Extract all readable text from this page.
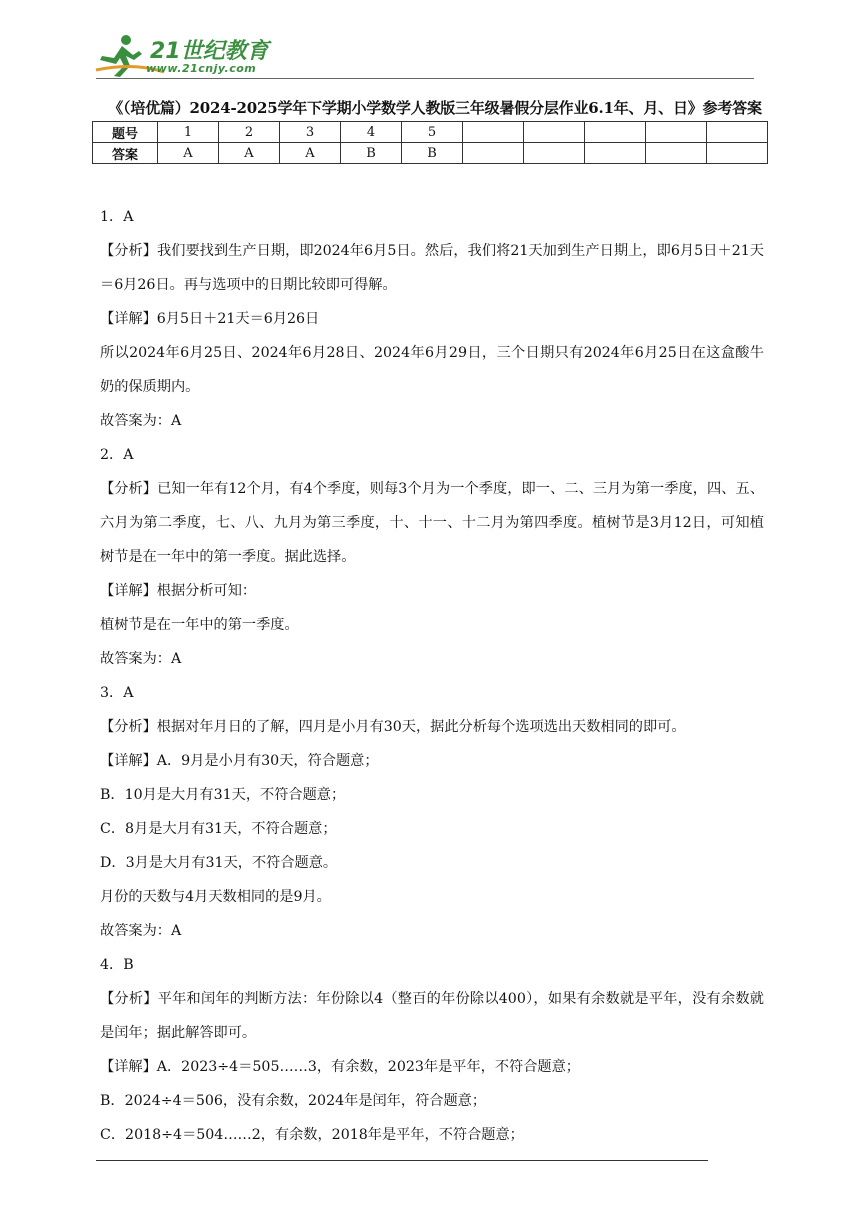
21世纪教育
www.21cnjy.com
《（培优篇）2024-2025学年下学期小学数学人教版三年级暑假分层作业6.1年、月、日》参考答案
题号	1	2	3	4	5					
答案	A	A	A	B	B					

1．A

【分析】我们要找到生产日期，即2024年6月5日。然后，我们将21天加到生产日期上，即6月5日＋21天＝6月26日。再与选项中的日期比较即可得解。

【详解】6月5日＋21天＝6月26日

所以2024年6月25日、2024年6月28日、2024年6月29日，三个日期只有2024年6月25日在这盒酸牛奶的保质期内。

故答案为：A

2．A

【分析】已知一年有12个月，有4个季度，则每3个月为一个季度，即一、二、三月为第一季度，四、五、六月为第二季度，七、八、九月为第三季度，十、十一、十二月为第四季度。植树节是3月12日，可知植树节是在一年中的第一季度。据此选择。

【详解】根据分析可知：

植树节是在一年中的第一季度。

故答案为：A

3．A

【分析】根据对年月日的了解，四月是小月有30天，据此分析每个选项选出天数相同的即可。

【详解】A．9月是小月有30天，符合题意；

B．10月是大月有31天，不符合题意；

C．8月是大月有31天，不符合题意；

D．3月是大月有31天，不符合题意。

月份的天数与4月天数相同的是9月。

故答案为：A

4．B

【分析】平年和闰年的判断方法：年份除以4（整百的年份除以400），如果有余数就是平年，没有余数就是闰年；据此解答即可。

【详解】A．2023÷4＝505……3，有余数，2023年是平年，不符合题意；

B．2024÷4＝506，没有余数，2024年是闰年，符合题意；

C．2018÷4＝504……2，有余数，2018年是平年，不符合题意；
